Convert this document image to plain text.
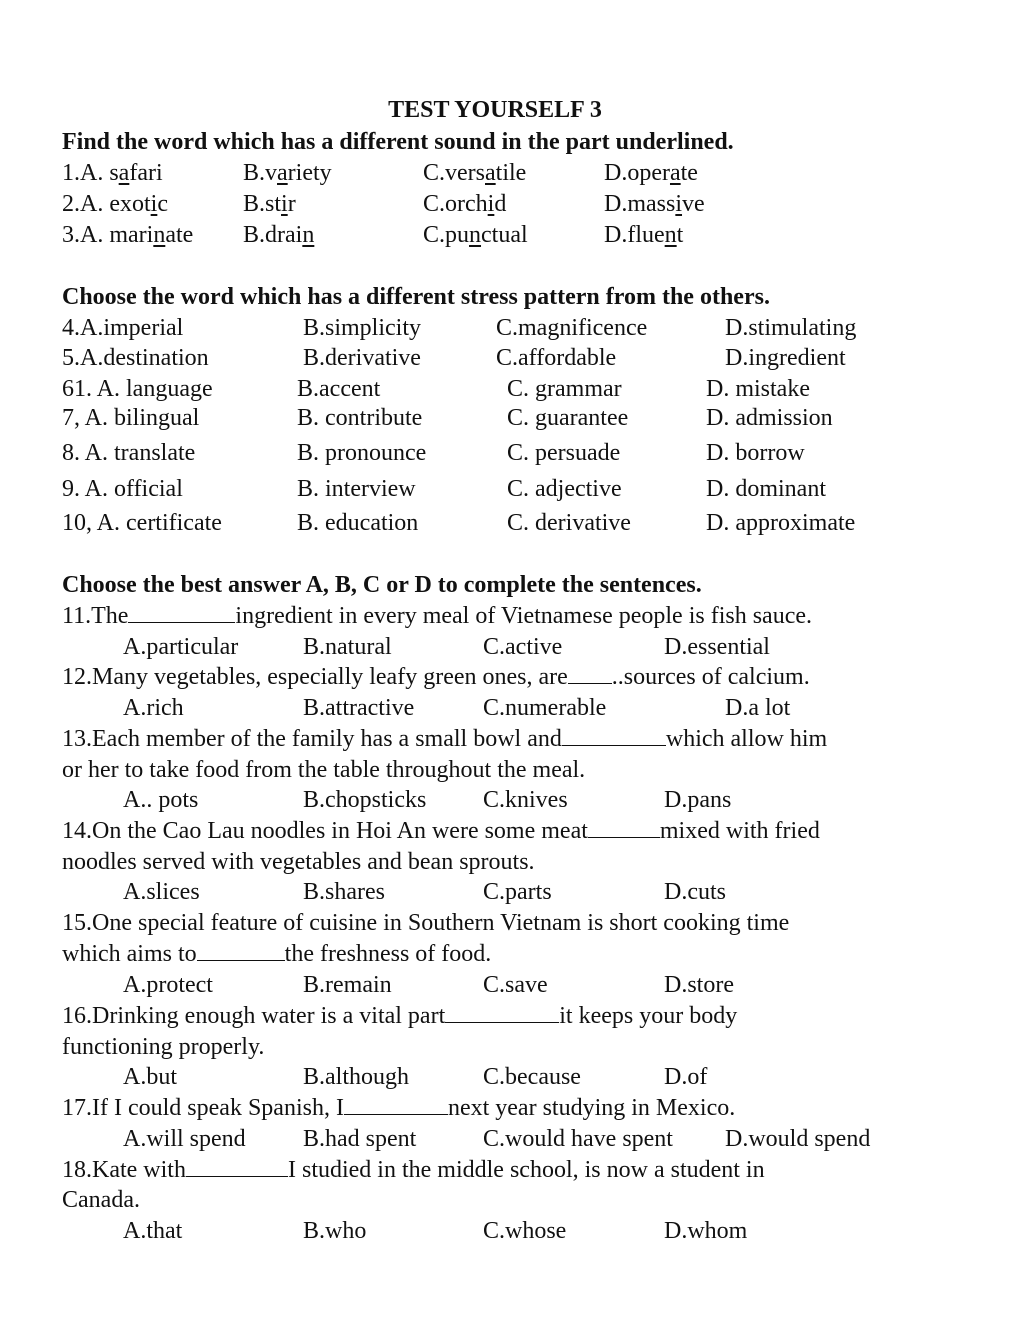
TEST YOURSELF 3
Find the word which has a different sound in the part underlined.
1.A. safari	B.variety	C.versatile	D.operate
2.A. exotic	B.stir	C.orchid	D.massive
3.A. marinate B.drain	C.punctual	D.fluent
Choose the word which has a different stress pattern from the others.
4.A.imperial	B.simplicity	C.magnificence	D.stimulating
5.A.destination	B.derivative	C.affordable	D.ingredient
61. A. language	B.accent	C. grammar	D. mistake
7, A. bilingual	B. contribute	C. guarantee	D. admission
8. A. translate	B. pronounce	C. persuade	D. borrow
9. A. official	B. interview	C. adjective	D. dominant
10, A. certificate	B. education	C. derivative	D. approximate
Choose the best answer A, B, C or D to complete the sentences.
11.The	ingredient in every meal of Vietnamese people is fish sauce.
A.particular	B.natural	C.active	D.essential
12.Many vegetables, especially leafy green ones, are ..sources of calcium.
A.rich	B.attractive	C.numerable	D.a lot
13.Each member of the family has a small bowl and	which allow him
or her to take food from the table throughout the meal.
A.. pots	B.chopsticks C.knives	D.pans
14.On the Cao Lau noodles in Hoi An were some meat	mixed with fried
noodles served with vegetables and bean sprouts.
A.slices	B.shares	C.parts	D.cuts
15.One special feature of cuisine in Southern Vietnam is short cooking time
which aims to	the freshness of food.
A.protect	B.remain	C.save	D.store
16.Drinking enough water is a vital part	it keeps your body
functioning properly.
A.but	B.although	C.because	D.of
17.If I could speak Spanish, I	next year studying in Mexico.
A.will spend B.had spent	C.would have spent D.would spend
18.Kate with	I studied in the middle school, is now a student in
Canada.
A.that	B.who	C.whose	D.whom
